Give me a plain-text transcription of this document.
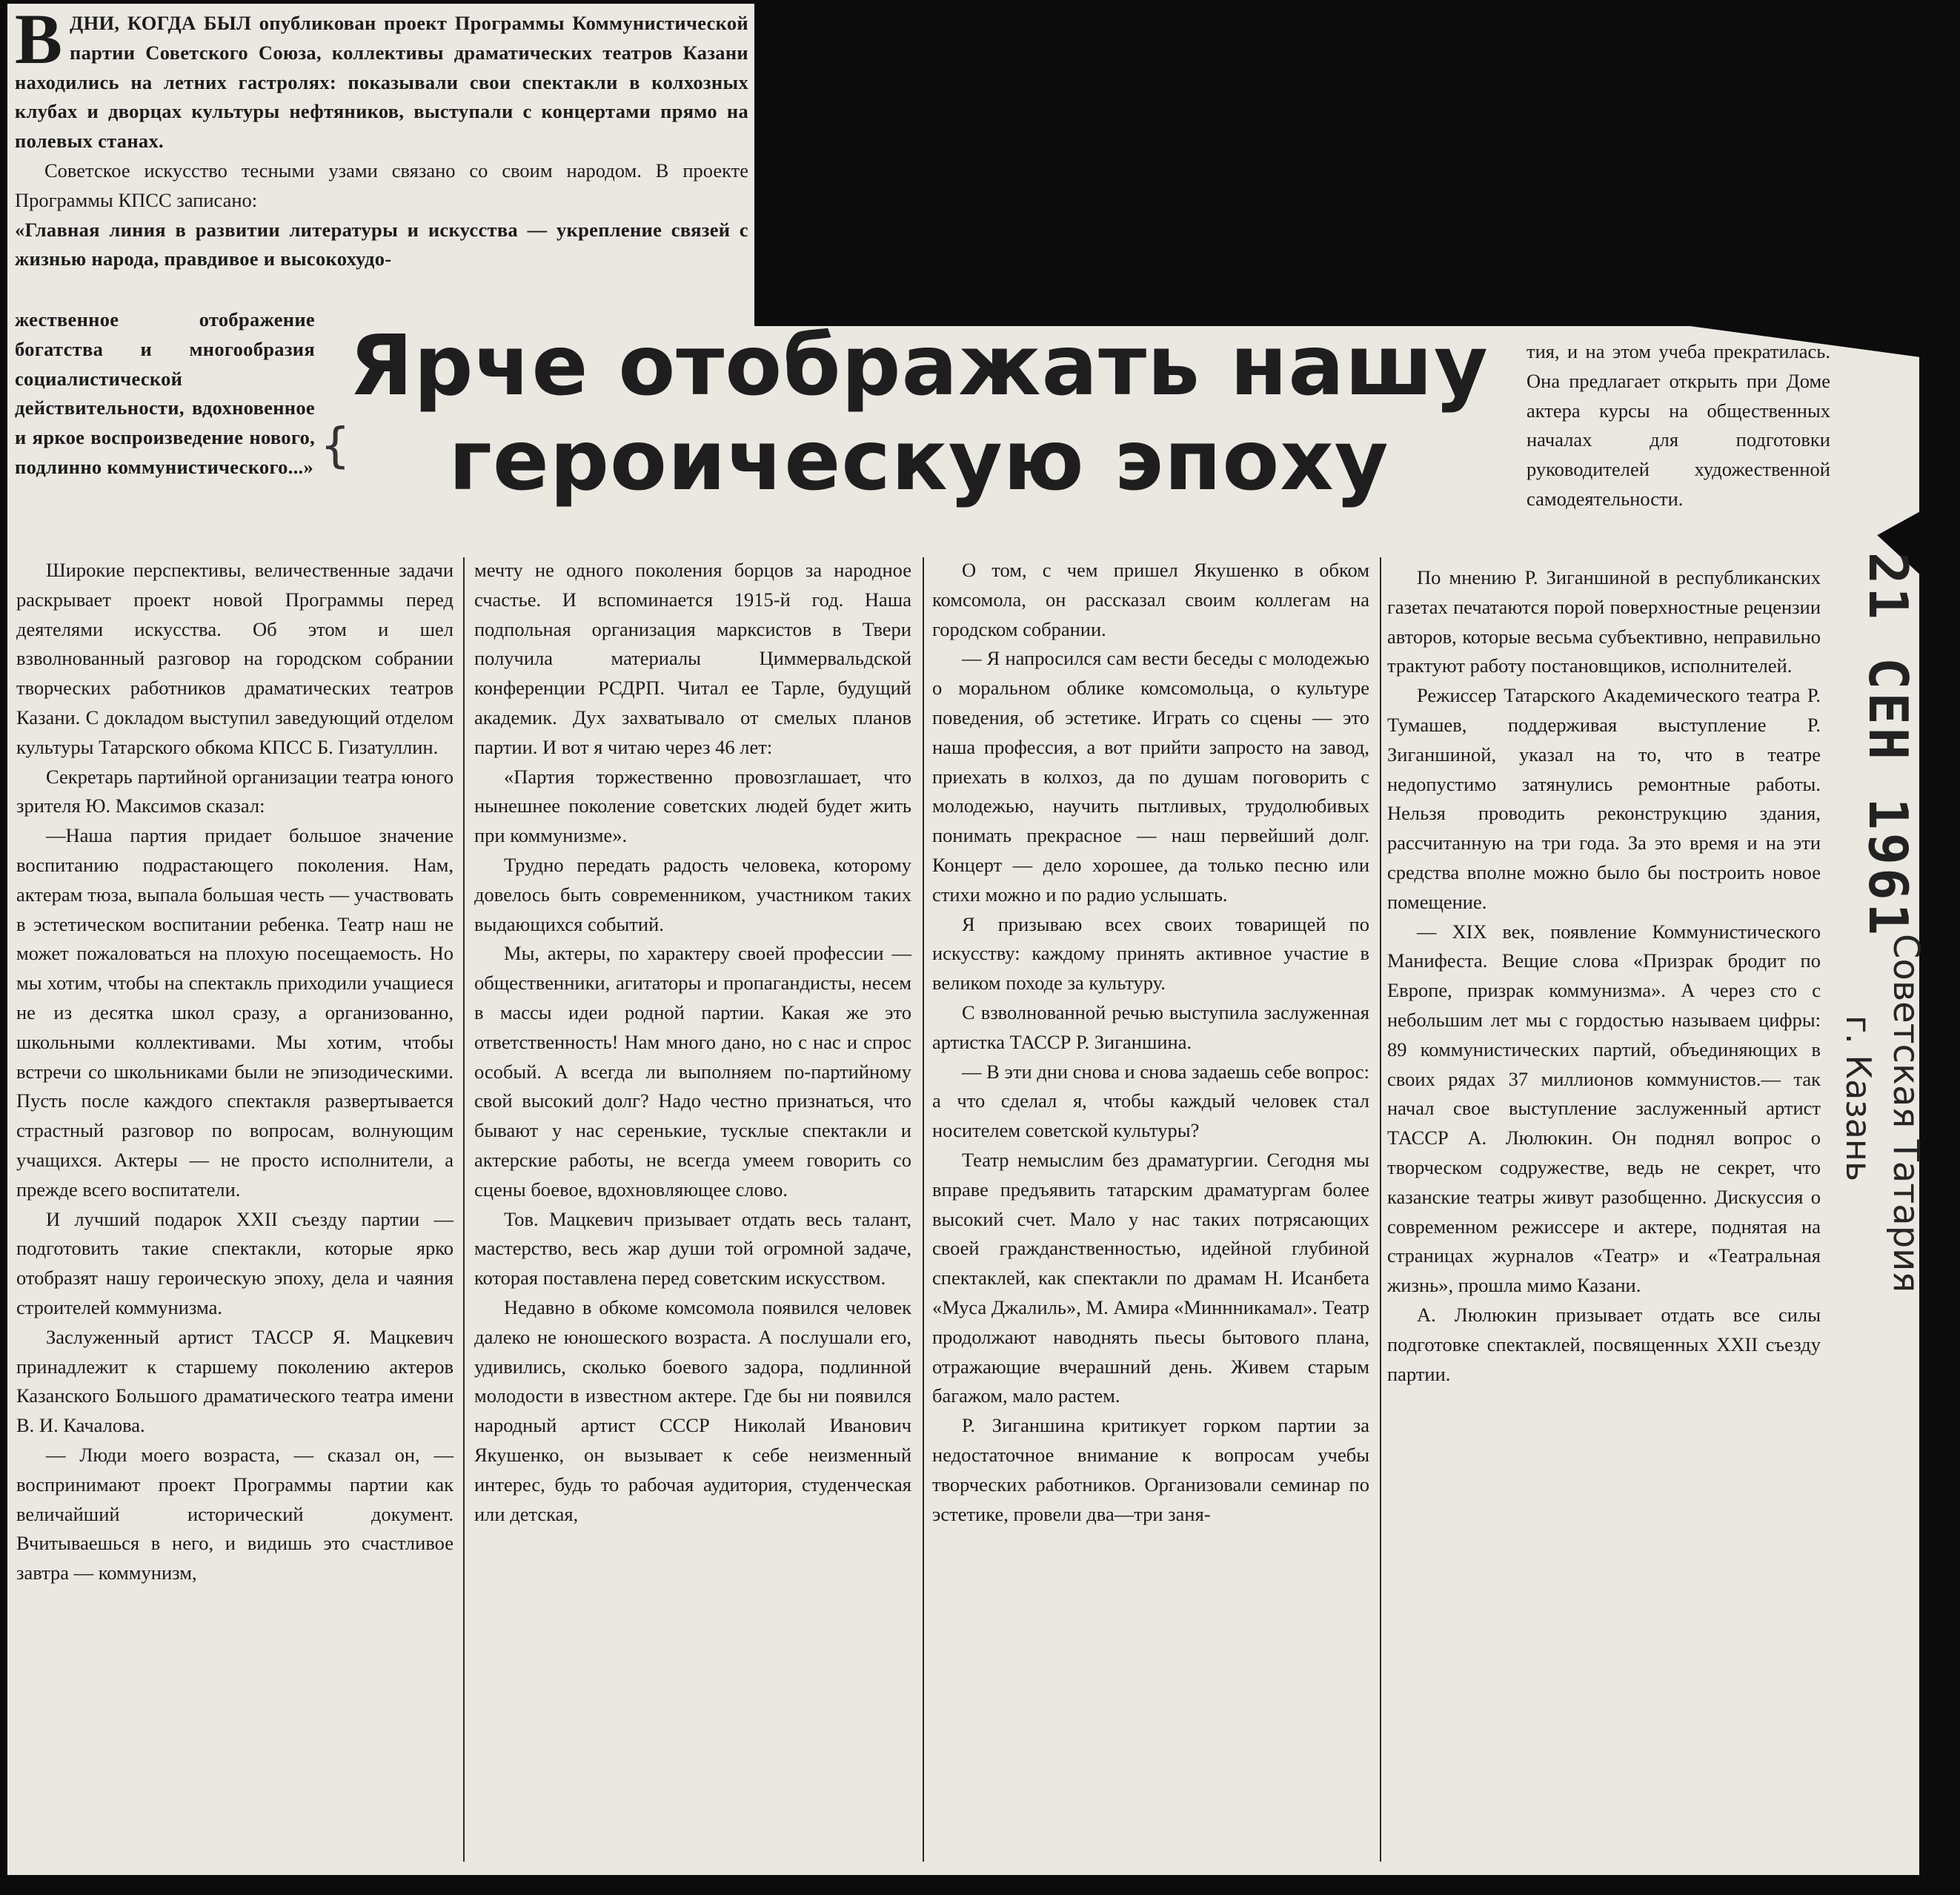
В ДНИ, КОГДА БЫЛ опубликован проект Программы Коммунистической партии Советского Союза, коллективы драматических театров Казани находились на летних гастролях: показывали свои спектакли в колхозных клубах и дворцах культуры нефтяников, выступали с концертами прямо на полевых станах.

Советское искусство тесными узами связано со своим народом. В проекте Программы КПСС записано:

«Главная линия в развитии литературы и искусства — укрепление связей с жизнью народа, правдивое и высокохудо-

жественное отображение богатства и многообразия социалистической действительности, вдохновенное и яркое воспроизведение нового, подлинно коммунистического...»

Ярче отображать нашу
героическую эпоху

тия, и на этом учеба прекратилась. Она предлагает открыть при Доме актера курсы на общественных началах для подготовки руководителей художественной самодеятельности.

Широкие перспективы, величественные задачи раскрывает проект новой Программы перед деятелями искусства. Об этом и шел взволнованный разговор на городском собрании творческих работников драматических театров Казани. С докладом выступил заведующий отделом культуры Татарского обкома КПСС Б. Гизатуллин.

Секретарь партийной организации театра юного зрителя Ю. Максимов сказал:

—Наша партия придает большое значение воспитанию подрастающего поколения. Нам, актерам тюза, выпала большая честь — участвовать в эстетическом воспитании ребенка. Театр наш не может пожаловаться на плохую посещаемость. Но мы хотим, чтобы на спектакль приходили учащиеся не из десятка школ сразу, а организованно, школьными коллективами. Мы хотим, чтобы встречи со школьниками были не эпизодическими. Пусть после каждого спектакля развертывается страстный разговор по вопросам, волнующим учащихся. Актеры — не просто исполнители, а прежде всего воспитатели.

И лучший подарок XXII съезду партии — подготовить такие спектакли, которые ярко отобразят нашу героическую эпоху, дела и чаяния строителей коммунизма.

Заслуженный артист ТАССР Я. Мацкевич принадлежит к старшему поколению актеров Казанского Большого драматического театра имени В. И. Качалова.

— Люди моего возраста, — сказал он, — воспринимают проект Программы партии как величайший исторический документ. Вчитываешься в него, и видишь это счастливое завтра — коммунизм,

мечту не одного поколения борцов за народное счастье. И вспоминается 1915-й год. Наша подпольная организация марксистов в Твери получила материалы Циммервальдской конференции РСДРП. Читал ее Тарле, будущий академик. Дух захватывало от смелых планов партии. И вот я читаю через 46 лет:

«Партия торжественно провозглашает, что нынешнее поколение советских людей будет жить при коммунизме».

Трудно передать радость человека, которому довелось быть современником, участником таких выдающихся событий.

Мы, актеры, по характеру своей профессии — общественники, агитаторы и пропагандисты, несем в массы идеи родной партии. Какая же это ответственность! Нам много дано, но с нас и спрос особый. А всегда ли выполняем по-партийному свой высокий долг? Надо честно признаться, что бывают у нас серенькие, тусклые спектакли и актерские работы, не всегда умеем говорить со сцены боевое, вдохновляющее слово.

Тов. Мацкевич призывает отдать весь талант, мастерство, весь жар души той огромной задаче, которая поставлена перед советским искусством.

Недавно в обкоме комсомола появился человек далеко не юношеского возраста. А послушали его, удивились, сколько боевого задора, подлинной молодости в известном актере. Где бы ни появился народный артист СССР Николай Иванович Якушенко, он вызывает к себе неизменный интерес, будь то рабочая аудитория, студенческая или детская,

О том, с чем пришел Якушенко в обком комсомола, он рассказал своим коллегам на городском собрании.

— Я напросился сам вести беседы с молодежью о моральном облике комсомольца, о культуре поведения, об эстетике. Играть со сцены — это наша профессия, а вот прийти запросто на завод, приехать в колхоз, да по душам поговорить с молодежью, научить пытливых, трудолюбивых понимать прекрасное — наш первейший долг. Концерт — дело хорошее, да только песню или стихи можно и по радио услышать.

Я призываю всех своих товарищей по искусству: каждому принять активное участие в великом походе за культуру.

С взволнованной речью выступила заслуженная артистка ТАССР Р. Зиганшина.

— В эти дни снова и снова задаешь себе вопрос: а что сделал я, чтобы каждый человек стал носителем советской культуры?

Театр немыслим без драматургии. Сегодня мы вправе предъявить татарским драматургам более высокий счет. Мало у нас таких потрясающих своей гражданственностью, идейной глубиной спектаклей, как спектакли по драмам Н. Исанбета «Муса Джалиль», М. Амира «Миннникамал». Театр продолжают наводнять пьесы бытового плана, отражающие вчерашний день. Живем старым багажом, мало растем.

Р. Зиганшина критикует горком партии за недостаточное внимание к вопросам учебы творческих работников. Организовали семинар по эстетике, провели два—три заня-

По мнению Р. Зиганшиной в республиканских газетах печатаются порой поверхностные рецензии авторов, которые весьма субъективно, неправильно трактуют работу постановщиков, исполнителей.

Режиссер Татарского Академического театра Р. Тумашев, поддерживая выступление Р. Зиганшиной, указал на то, что в театре недопустимо затянулись ремонтные работы. Нельзя проводить реконструкцию здания, рассчитанную на три года. За это время и на эти средства вполне можно было бы построить новое помещение.

— XIX век, появление Коммунистического Манифеста. Вещие слова «Призрак бродит по Европе, призрак коммунизма». А через сто с небольшим лет мы с гордостью называем цифры: 89 коммунистических партий, объединяющих в своих рядах 37 миллионов коммунистов.— так начал свое выступление заслуженный артист ТАССР А. Люлюкин. Он поднял вопрос о творческом содружестве, ведь не секрет, что казанские театры живут разобщенно. Дискуссия о современном режиссере и актере, поднятая на страницах журналов «Театр» и «Театральная жизнь», прошла мимо Казани.

А. Люлюкин призывает отдать все силы подготовке спектаклей, посвященных XXII съезду партии.

{
21 СЕН 1961
Советская Татария
г. Казань
